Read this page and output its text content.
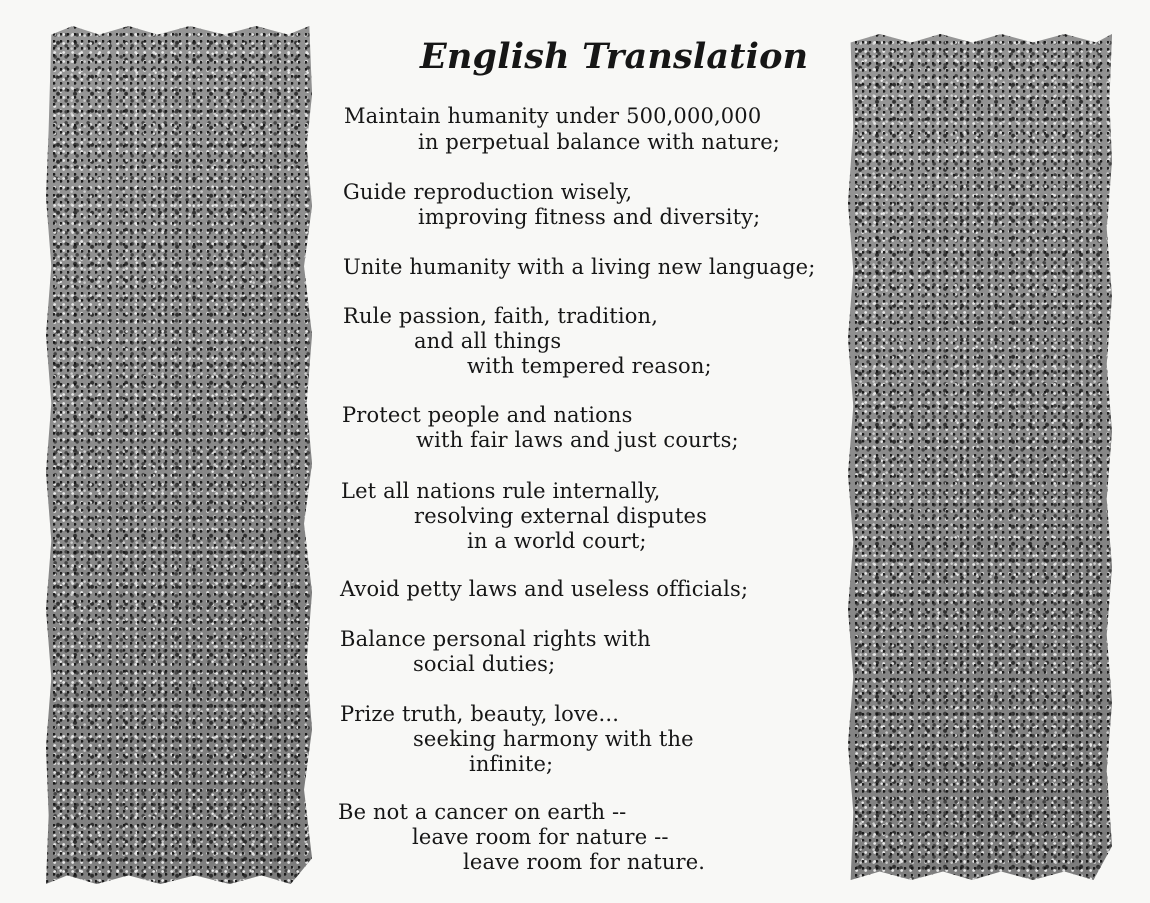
English Translation
Maintain humanity under 500,000,000
in perpetual balance with nature;
Guide reproduction wisely,
improving fitness and diversity;
Unite humanity with a living new language;
Rule passion, faith, tradition,
and all things
with tempered reason;
Protect people and nations
with fair laws and just courts;
Let all nations rule internally,
resolving external disputes
in a world court;
Avoid petty laws and useless officials;
Balance personal rights with
social duties;
Prize truth, beauty, love...
seeking harmony with the
infinite;
Be not a cancer on earth --
leave room for nature --
leave room for nature.
